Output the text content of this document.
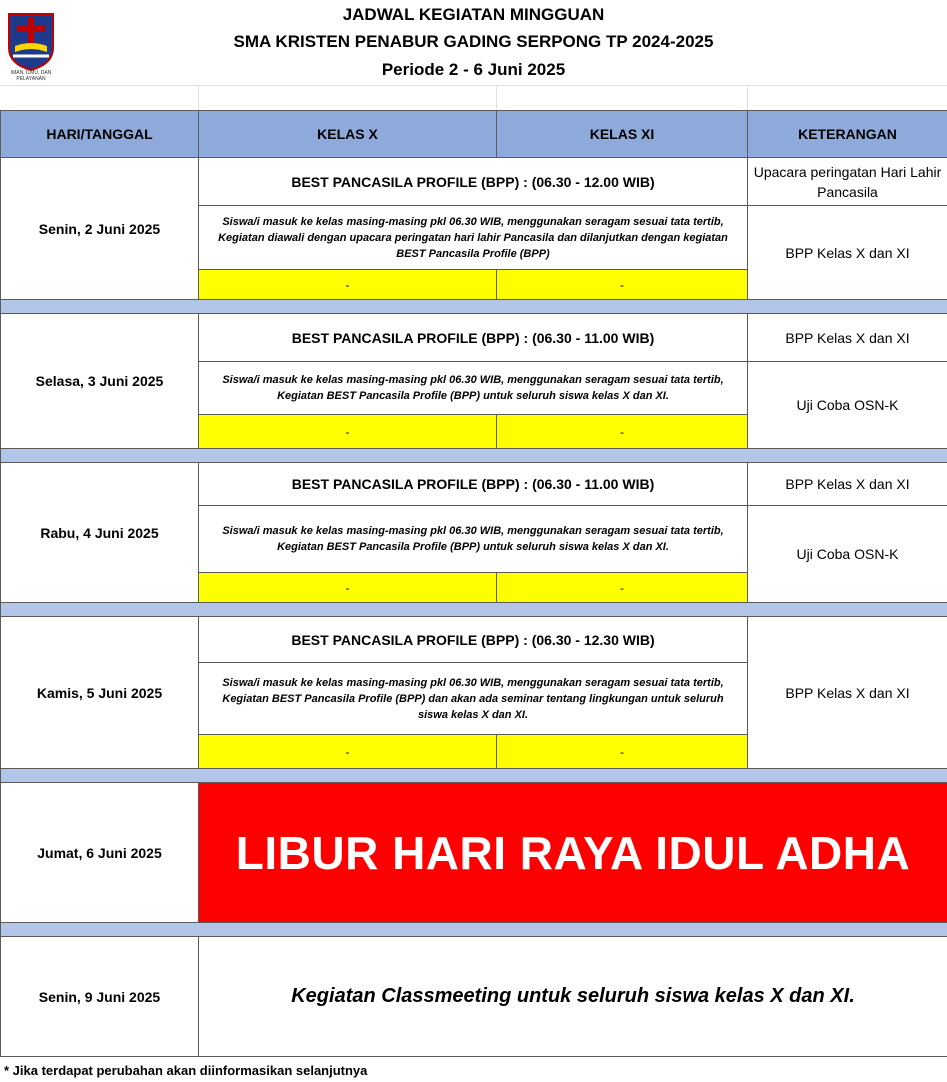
IMAN, ILMU, DAN PELAYANAN
JADWAL KEGIATAN MINGGUAN
SMA KRISTEN PENABUR GADING SERPONG TP 2024-2025
Periode 2 - 6 Juni 2025
HARI/TANGGAL	KELAS X	KELAS XI	KETERANGAN
Senin, 2 Juni 2025	BEST PANCASILA PROFILE (BPP) : (06.30 - 12.00 WIB)		Upacara peringatan Hari Lahir Pancasila
	Siswa/i masuk ke kelas masing-masing pkl 06.30 WIB, menggunakan seragam sesuai tata tertib, Kegiatan diawali dengan upacara peringatan hari lahir Pancasila dan dilanjutkan dengan kegiatan BEST Pancasila Profile (BPP)		BPP Kelas X dan XI
	-	-	

Selasa, 3 Juni 2025	BEST PANCASILA PROFILE (BPP) : (06.30 - 11.00 WIB)		BPP Kelas X dan XI
	Siswa/i masuk ke kelas masing-masing pkl 06.30 WIB, menggunakan seragam sesuai tata tertib, Kegiatan BEST Pancasila Profile (BPP) untuk seluruh siswa kelas X dan XI.		Uji Coba OSN-K
	-	-	

Rabu, 4 Juni 2025	BEST PANCASILA PROFILE (BPP) : (06.30 - 11.00 WIB)		BPP Kelas X dan XI
	Siswa/i masuk ke kelas masing-masing pkl 06.30 WIB, menggunakan seragam sesuai tata tertib, Kegiatan BEST Pancasila Profile (BPP) untuk seluruh siswa kelas X dan XI.		Uji Coba OSN-K
	-	-	

Kamis, 5 Juni 2025	BEST PANCASILA PROFILE (BPP) : (06.30 - 12.30 WIB)		BPP Kelas X dan XI
	Siswa/i masuk ke kelas masing-masing pkl 06.30 WIB, menggunakan seragam sesuai tata tertib, Kegiatan BEST Pancasila Profile (BPP) dan akan ada seminar tentang lingkungan untuk seluruh siswa kelas X dan XI.		
	-	-	

Jumat, 6 Juni 2025	LIBUR HARI RAYA IDUL ADHA		

Senin, 9 Juni 2025	Kegiatan Classmeeting untuk seluruh siswa kelas X dan XI.		
* Jika terdapat perubahan akan diinformasikan selanjutnya
